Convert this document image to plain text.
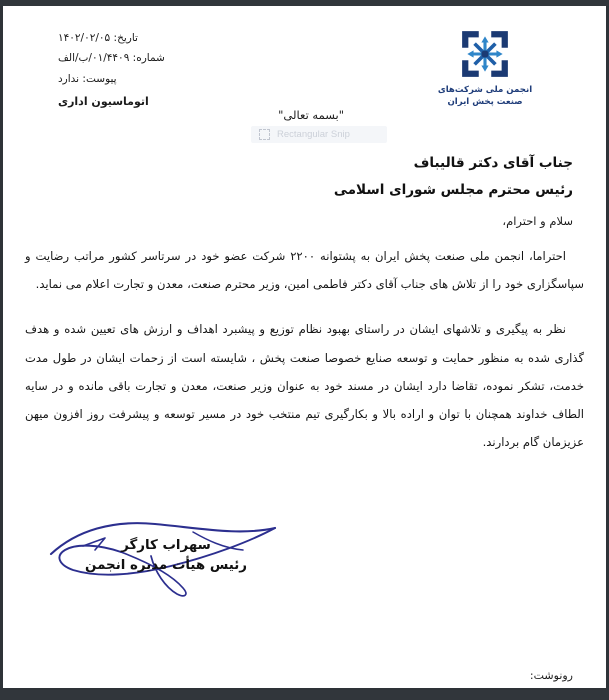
تاریخ: ۱۴۰۲/۰۲/۰۵
شماره: ۰۱/۴۴۰۹/ب/الف
پیوست: ندارد
اتوماسیون اداری
انجمن ملی شرکت‌های
صنعت پخش ایران
"بسمه تعالی"
Rectangular Snip
جناب آقای دکتر قالیباف
رئیس محترم مجلس شورای اسلامی
سلام و احترام،

احتراما، انجمن ملی صنعت پخش ایران به پشتوانه ۲۲۰۰ شرکت عضو خود در سرتاسر کشور مراتب رضایت و سپاسگزاری خود را از تلاش های جناب آقای دکتر فاطمی امین، وزیر محترم صنعت، معدن و تجارت اعلام می نماید.

نظر به پیگیری و تلاشهای ایشان در راستای بهبود نظام توزیع و پیشبرد اهداف و ارزش های تعیین شده و هدف گذاری شده به منظور حمایت و توسعه صنایع خصوصا صنعت پخش ، شایسته است از زحمات ایشان در طول مدت خدمت، تشکر نموده، تقاضا دارد ایشان در مسند خود به عنوان وزیر صنعت، معدن و تجارت باقی مانده و در سایه الطاف خداوند همچنان با توان و اراده بالا و بکارگیری تیم منتخب خود در مسیر توسعه و پیشرفت روز افزون میهن عزیزمان گام بردارند.

سهراب کارگر
رئیس هیأت مدیره انجمن
رونوشت:
